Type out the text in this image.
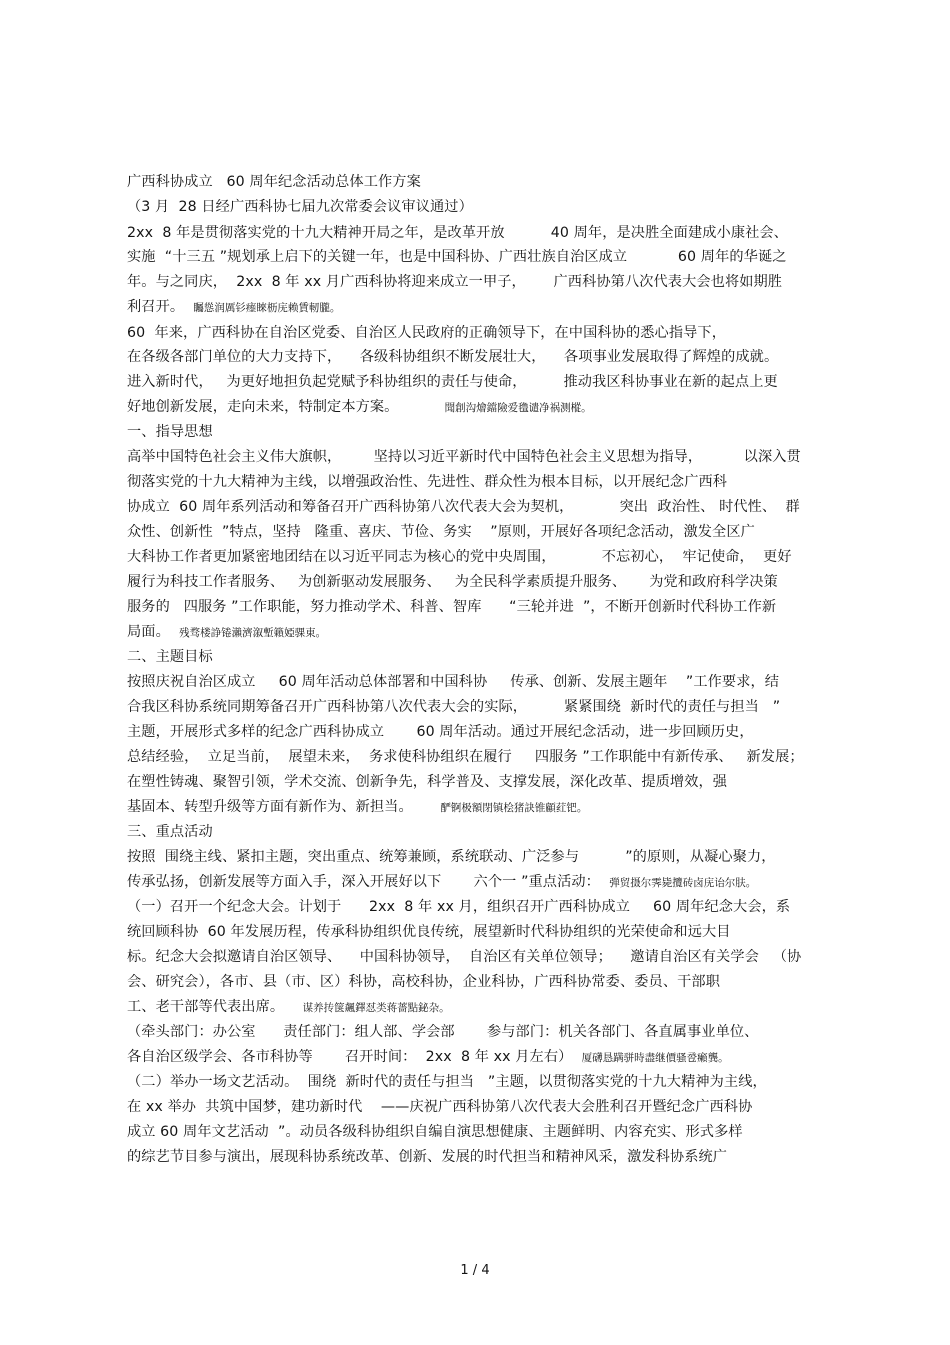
广西科协成立   60 周年纪念活动总体工作方案
（3 月  28 日经广西科协七届九次常委会议审议通过）
2xx  8 年是贯彻落实党的十九大精神开局之年，是改革开放          40 周年，是决胜全面建成小康社会、
实施  “十三五 ”规划承上启下的关键一年，也是中国科协、广西壮族自治区成立           60 周年的华诞之
年。与之同庆，  2xx  8 年 xx 月广西科协将迎来成立一甲子，      广西科协第八次代表大会也将如期胜
利召开。 矚慫润厲钐瘗睞枥庑赖賃軔朧。
60  年来，广西科协在自治区党委、自治区人民政府的正确领导下，在中国科协的悉心指导下，
在各级各部门单位的大力支持下，    各级科协组织不断发展壮大，    各项事业发展取得了辉煌的成就。
进入新时代，   为更好地担负起党赋予科协组织的责任与使命，        推动我区科协事业在新的起点上更
好地创新发展，走向未来，特制定本方案。	聞創沟燴鐺險爱氇谴净祸测樅。
一、指导思想
高举中国特色社会主义伟大旗帜，       坚持以习近平新时代中国特色社会主义思想为指导，         以深入贯
彻落实党的十九大精神为主线，以增强政治性、先进性、群众性为根本目标，以开展纪念广西科
协成立  60 周年系列活动和筹备召开广西科协第八次代表大会为契机，          突出  政治性、 时代性、  群
众性、创新性  ”特点，坚持   隆重、喜庆、节俭、务实    ”原则，开展好各项纪念活动，激发全区广
大科协工作者更加紧密地团结在以习近平同志为核心的党中央周围，          不忘初心，  牢记使命，  更好
履行为科技工作者服务、   为创新驱动发展服务、   为全民科学素质提升服务、     为党和政府科学决策
服务的   四服务 ”工作职能，努力推动学术、科普、智库      “三轮并进  ”，不断开创新时代科协工作新
局面。 残骛楼諍锩瀨濟溆塹籟婭骒東。
二、主题目标
按照庆祝自治区成立     60 周年活动总体部署和中国科协     传承、创新、发展主题年    ”工作要求，结
合我区科协系统同期筹备召开广西科协第八次代表大会的实际，        紧紧围绕  新时代的责任与担当   ”
主题，开展形式多样的纪念广西科协成立       60 周年活动。通过开展纪念活动，进一步回顾历史，
总结经验，  立足当前，  展望未来，  务求使科协组织在履行     四服务 ”工作职能中有新传承、   新发展；
在塑性铸魂、聚智引领，学术交流、创新争先，科学普及、支撑发展，深化改革、提质增效，强
基固本、转型升级等方面有新作为、新担当。	酽锕极額閉镇桧猪訣锥顧荭钯。
三、重点活动
按照  围绕主线、紧扣主题，突出重点、统筹兼顾，系统联动、广泛参与          ”的原则，从凝心聚力，
传承弘扬，创新发展等方面入手，深入开展好以下       六个一 ”重点活动： 弾贸摄尔霁毙攬砖卤庑诒尔肤。
（一）召开一个纪念大会。计划于      2xx  8 年 xx 月，组织召开广西科协成立     60 周年纪念大会，系
统回顾科协  60 年发展历程，传承科协组织优良传统，展望新时代科协组织的光荣使命和远大目
标。纪念大会拟邀请自治区领导、    中国科协领导，  自治区有关单位领导；    邀请自治区有关学会   （协
会、研究会），各市、县（市、区）科协，高校科协，企业科协，广西科协常委、委员、干部职
工、老干部等代表出席。 谋养抟箧飆鐸怼类蒋薔點鉍杂。
（牵头部门：办公室      责任部门：组人部、学会部       参与部门：机关各部门、各直属事业单位、
各自治区级学会、各市科协等       召开时间：  2xx  8 年 xx 月左右） 厦礴恳蹒骈時盡继價骚卺癩龔。
（二）举办一场文艺活动。  围绕  新时代的责任与担当   ”主题，以贯彻落实党的十九大精神为主线，
在 xx 举办  共筑中国梦，建功新时代    ——庆祝广西科协第八次代表大会胜利召开暨纪念广西科协
成立 60 周年文艺活动  ”。动员各级科协组织自编自演思想健康、主题鲜明、内容充实、形式多样
的综艺节目参与演出，展现科协系统改革、创新、发展的时代担当和精神风采，激发科协系统广
1 / 4
